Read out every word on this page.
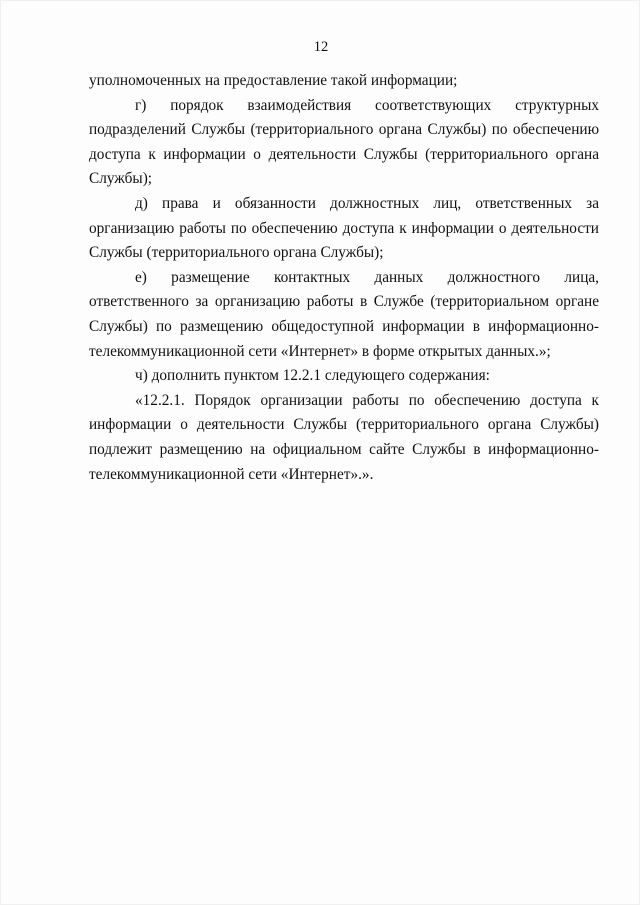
12

уполномоченных на предоставление такой информации;

г) порядок взаимодействия соответствующих структурных подразделений Службы (территориального органа Службы) по обеспечению доступа к информации о деятельности Службы (территориального органа Службы);

д) права и обязанности должностных лиц, ответственных за организацию работы по обеспечению доступа к информации о деятельности Службы (территориального органа Службы);

е) размещение контактных данных должностного лица, ответственного за организацию работы в Службе (территориальном органе Службы) по размещению общедоступной информации в информационно-телекоммуникационной сети «Интернет» в форме открытых данных.»;

ч) дополнить пунктом 12.2.1 следующего содержания:

«12.2.1. Порядок организации работы по обеспечению доступа к информации о деятельности Службы (территориального органа Службы) подлежит размещению на официальном сайте Службы в информационно-телекоммуникационной сети «Интернет».».
